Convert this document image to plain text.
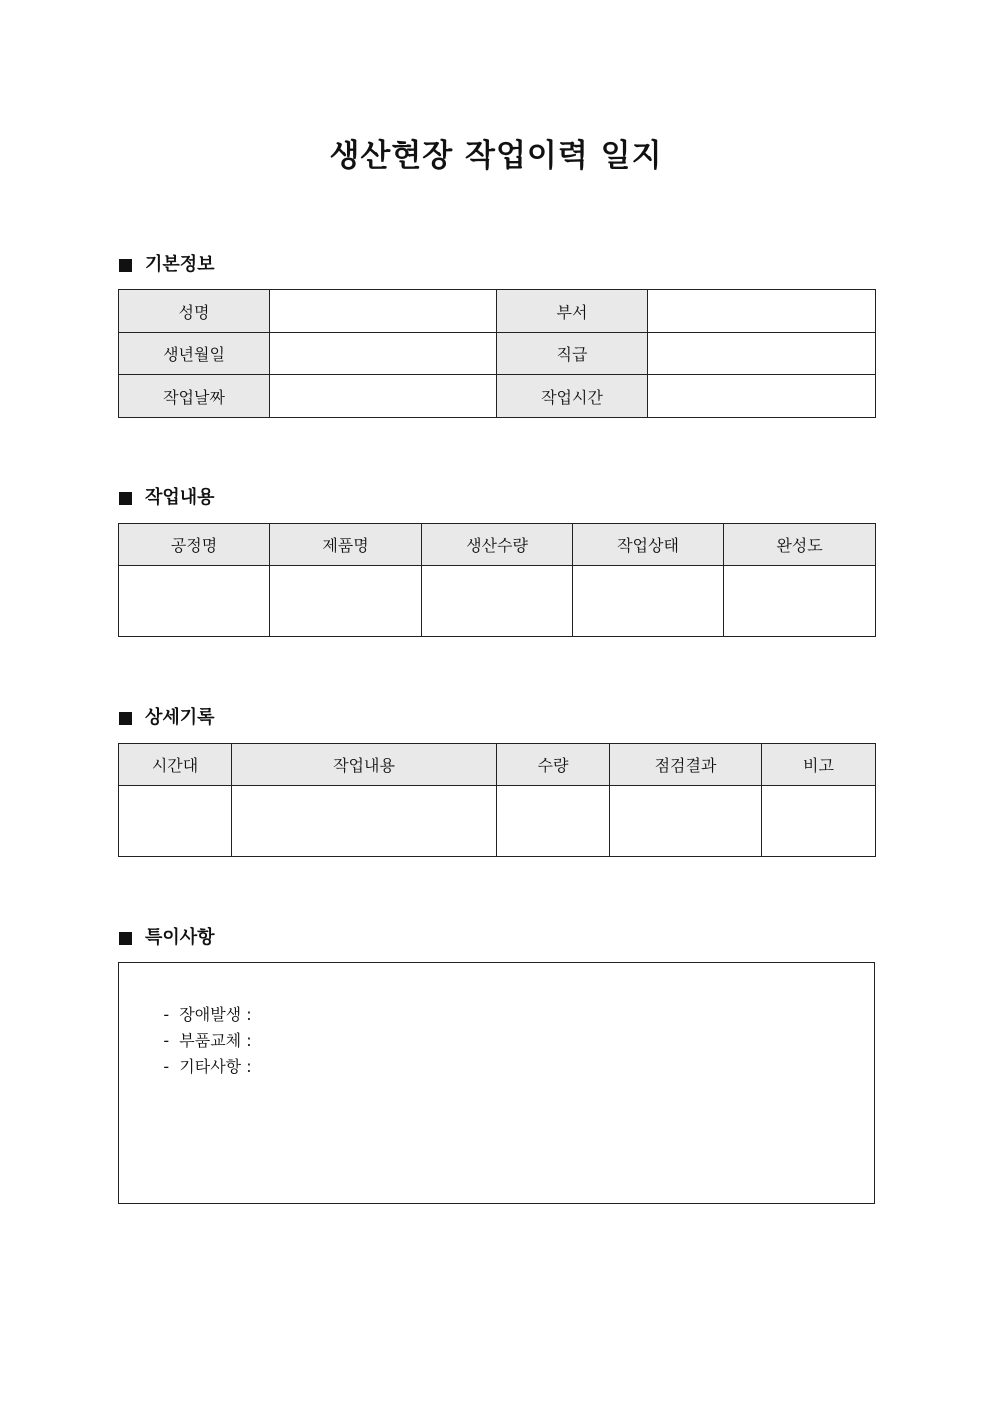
생산현장 작업이력 일지
기본정보
성명		부서	
생년월일		직급	
작업날짜		작업시간	
작업내용
공정명	제품명	생산수량	작업상태	완성도

상세기록
시간대	작업내용	수량	점검결과	비고

특이사항

-  장애발생 :

-  부품교체 :

-  기타사항 :
